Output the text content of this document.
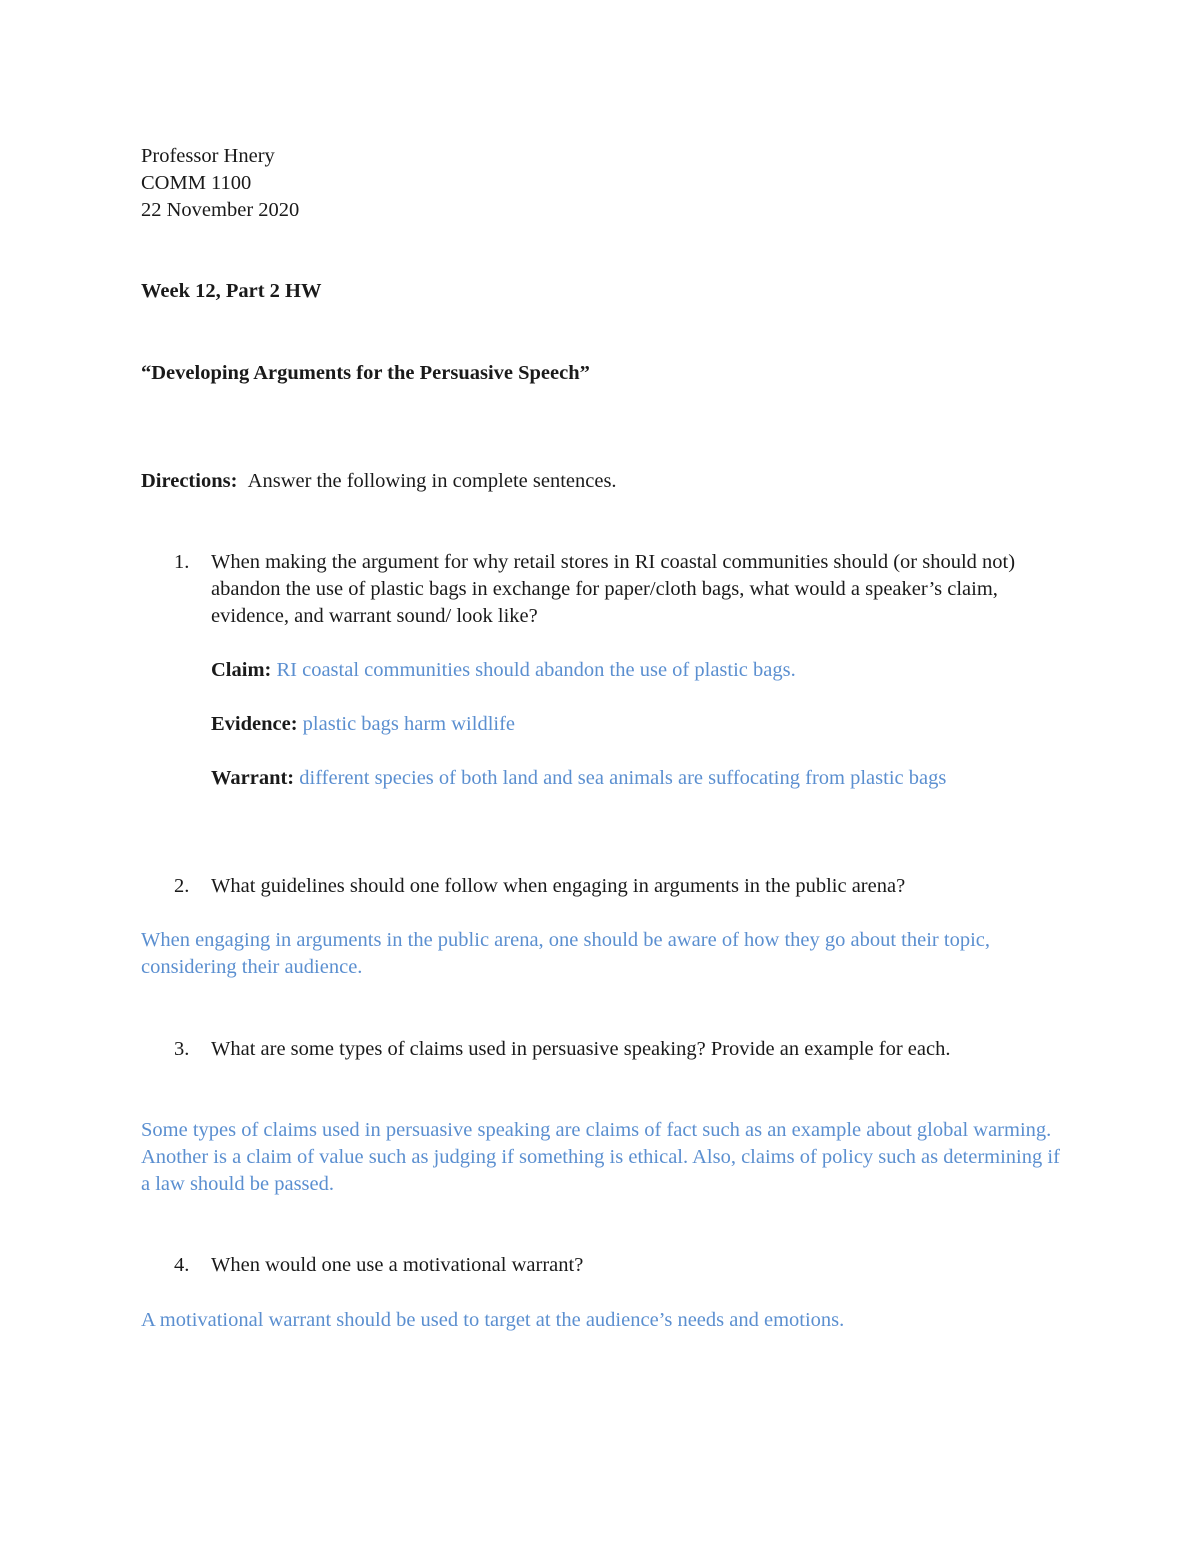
Professor Hnery
COMM 1100
22 November 2020
Week 12, Part 2 HW
“Developing Arguments for the Persuasive Speech”
Directions: Answer the following in complete sentences.
1. When making the argument for why retail stores in RI coastal communities should (or should not) abandon the use of plastic bags in exchange for paper/cloth bags, what would a speaker’s claim, evidence, and warrant sound/ look like?
Claim: RI coastal communities should abandon the use of plastic bags.
Evidence: plastic bags harm wildlife
Warrant: different species of both land and sea animals are suffocating from plastic bags
2. What guidelines should one follow when engaging in arguments in the public arena?
When engaging in arguments in the public arena, one should be aware of how they go about their topic, considering their audience.
3. What are some types of claims used in persuasive speaking? Provide an example for each.
Some types of claims used in persuasive speaking are claims of fact such as an example about global warming. Another is a claim of value such as judging if something is ethical. Also, claims of policy such as determining if a law should be passed.
4. When would one use a motivational warrant?
A motivational warrant should be used to target at the audience’s needs and emotions.
